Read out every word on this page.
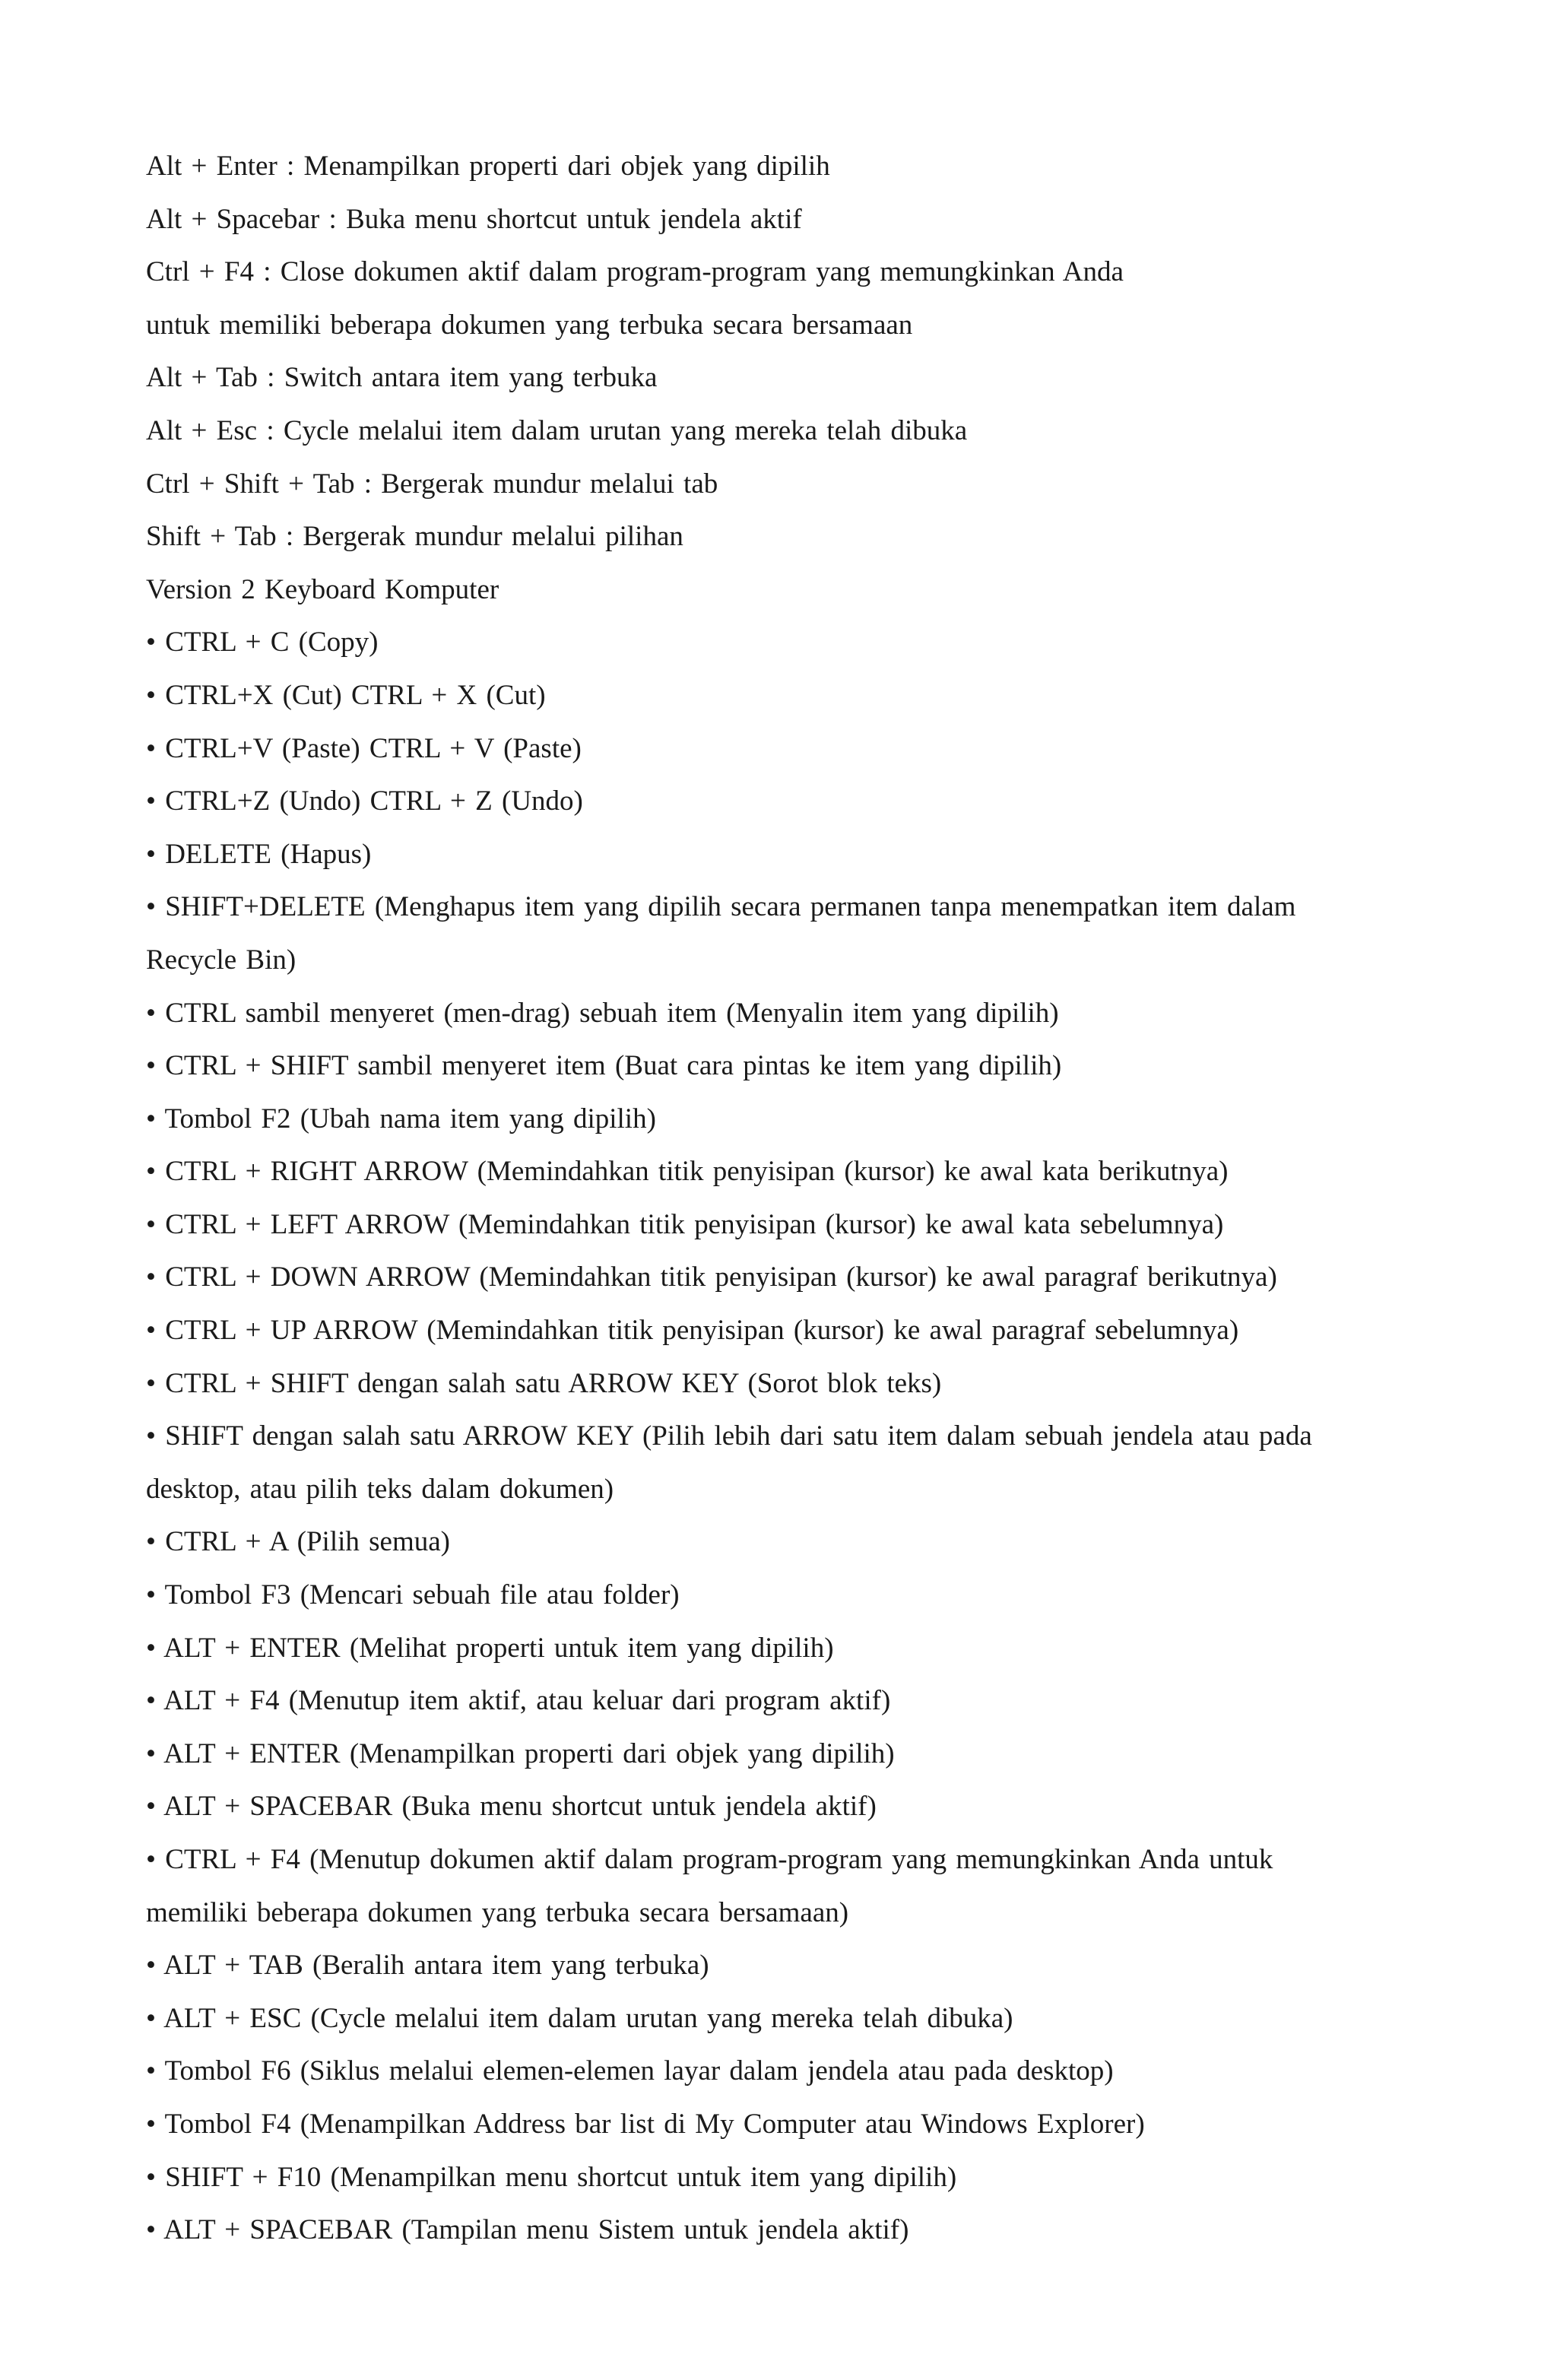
Alt + Enter : Menampilkan properti dari objek yang dipilih
Alt + Spacebar : Buka menu shortcut untuk jendela aktif
Ctrl + F4 : Close dokumen aktif dalam program-program yang memungkinkan Anda
untuk memiliki beberapa dokumen yang terbuka secara bersamaan
Alt + Tab : Switch antara item yang terbuka
Alt + Esc : Cycle melalui item dalam urutan yang mereka telah dibuka
Ctrl + Shift + Tab : Bergerak mundur melalui tab
Shift + Tab : Bergerak mundur melalui pilihan
Version 2 Keyboard Komputer
• CTRL + C (Copy)
• CTRL+X (Cut) CTRL + X (Cut)
• CTRL+V (Paste) CTRL + V (Paste)
• CTRL+Z (Undo) CTRL + Z (Undo)
• DELETE (Hapus)
• SHIFT+DELETE (Menghapus item yang dipilih secara permanen tanpa menempatkan item dalam
Recycle Bin)
• CTRL sambil menyeret (men-drag) sebuah item (Menyalin item yang dipilih)
• CTRL + SHIFT sambil menyeret item (Buat cara pintas ke item yang dipilih)
• Tombol F2 (Ubah nama item yang dipilih)
• CTRL + RIGHT ARROW (Memindahkan titik penyisipan (kursor) ke awal kata berikutnya)
• CTRL + LEFT ARROW (Memindahkan titik penyisipan (kursor) ke awal kata sebelumnya)
• CTRL + DOWN ARROW (Memindahkan titik penyisipan (kursor) ke awal paragraf berikutnya)
• CTRL + UP ARROW (Memindahkan titik penyisipan (kursor) ke awal paragraf sebelumnya)
• CTRL + SHIFT dengan salah satu ARROW KEY (Sorot blok teks)
• SHIFT dengan salah satu ARROW KEY (Pilih lebih dari satu item dalam sebuah jendela atau pada
desktop, atau pilih teks dalam dokumen)
• CTRL + A (Pilih semua)
• Tombol F3 (Mencari sebuah file atau folder)
• ALT + ENTER (Melihat properti untuk item yang dipilih)
• ALT + F4 (Menutup item aktif, atau keluar dari program aktif)
• ALT + ENTER (Menampilkan properti dari objek yang dipilih)
• ALT + SPACEBAR (Buka menu shortcut untuk jendela aktif)
• CTRL + F4 (Menutup dokumen aktif dalam program-program yang memungkinkan Anda untuk
memiliki beberapa dokumen yang terbuka secara bersamaan)
• ALT + TAB (Beralih antara item yang terbuka)
• ALT + ESC (Cycle melalui item dalam urutan yang mereka telah dibuka)
• Tombol F6 (Siklus melalui elemen-elemen layar dalam jendela atau pada desktop)
• Tombol F4 (Menampilkan Address bar list di My Computer atau Windows Explorer)
• SHIFT + F10 (Menampilkan menu shortcut untuk item yang dipilih)
• ALT + SPACEBAR (Tampilan menu Sistem untuk jendela aktif)
